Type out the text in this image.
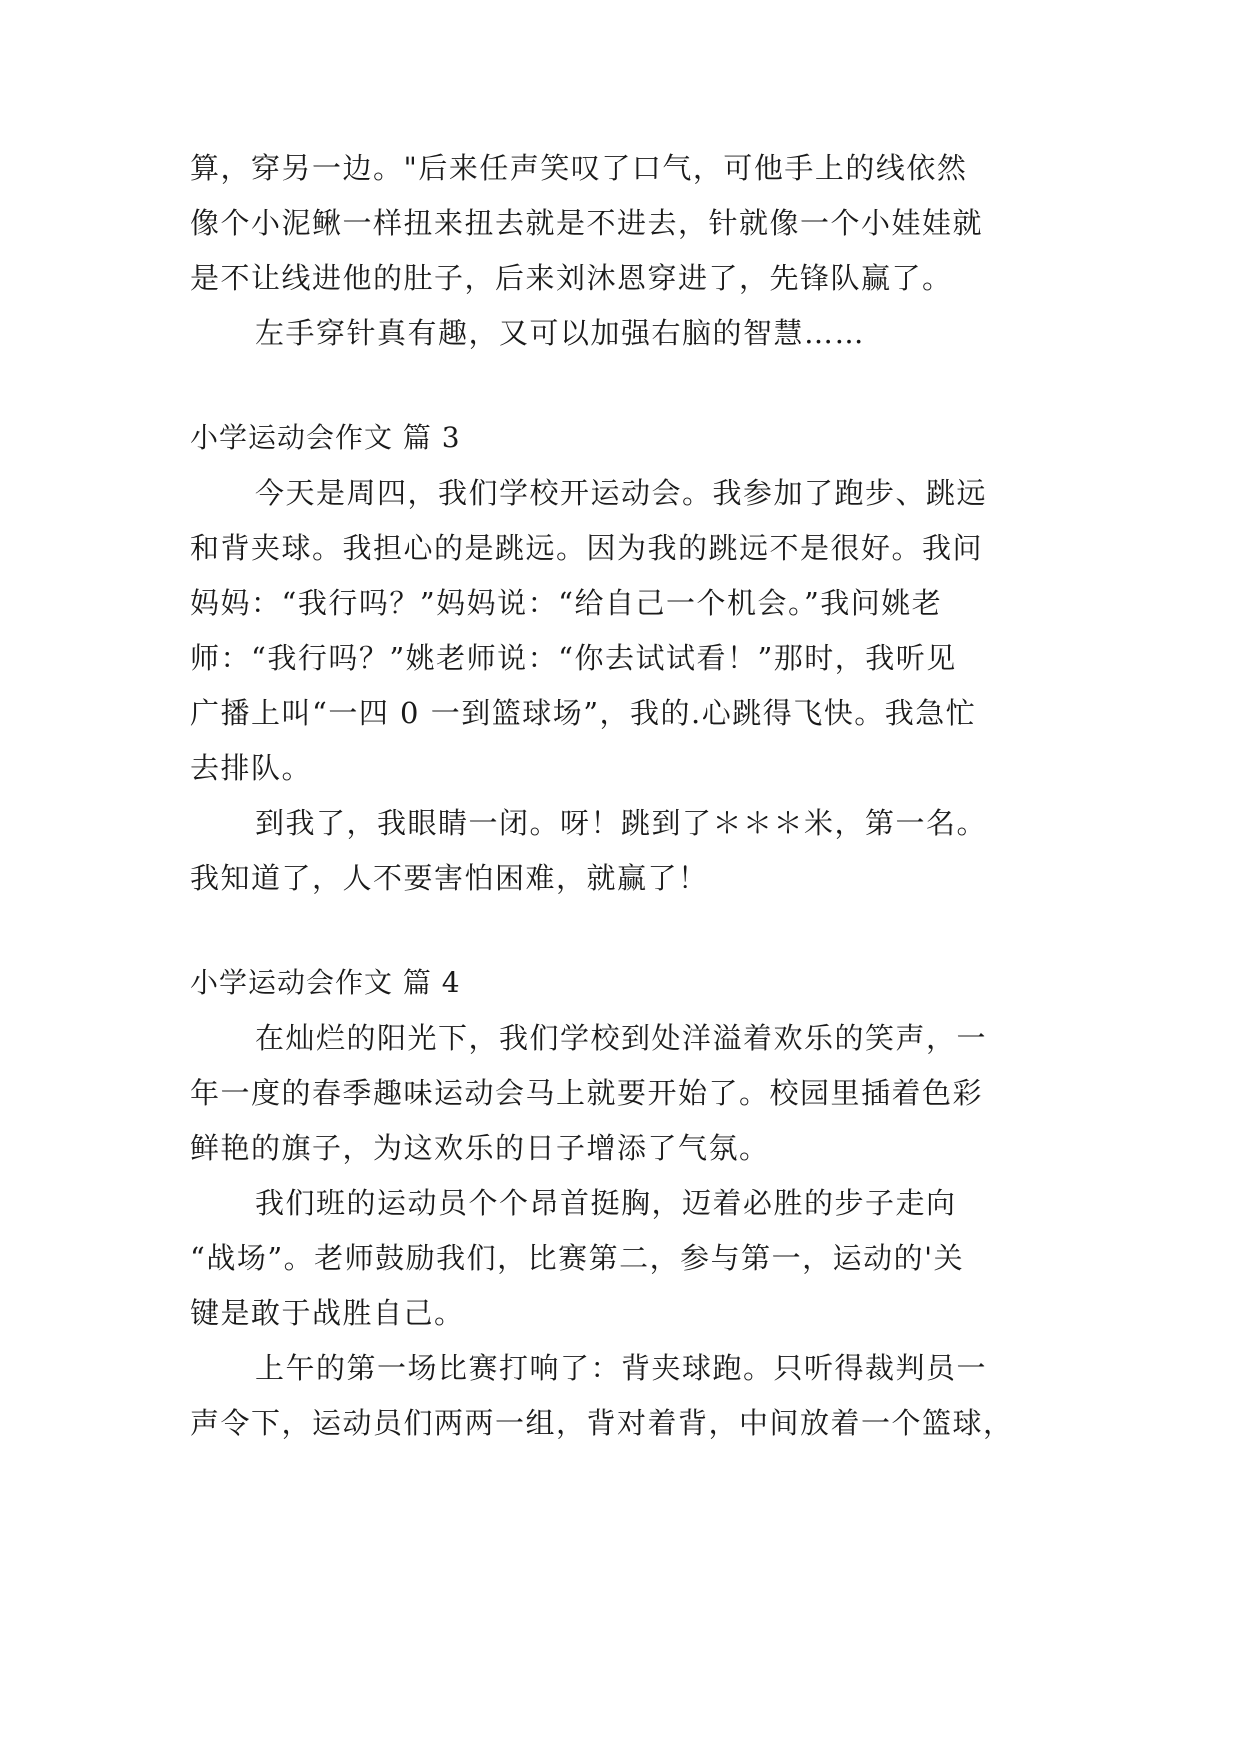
算，穿另一边。"后来任声笑叹了口气，可他手上的线依然
像个小泥鳅一样扭来扭去就是不进去，针就像一个小娃娃就
是不让线进他的肚子，后来刘沐恩穿进了，先锋队赢了。
左手穿针真有趣，又可以加强右脑的智慧……
小学运动会作文 篇 3
今天是周四，我们学校开运动会。我参加了跑步、跳远
和背夹球。我担心的是跳远。因为我的跳远不是很好。我问
妈妈：“我行吗？”妈妈说：“给自己一个机会。”我问姚老
师：“我行吗？”姚老师说：“你去试试看！”那时，我听见
广播上叫“一四 0 一到篮球场”，我的.心跳得飞快。我急忙
去排队。
到我了，我眼睛一闭。呀！跳到了＊＊＊米，第一名。
我知道了，人不要害怕困难，就赢了！
小学运动会作文 篇 4
在灿烂的阳光下，我们学校到处洋溢着欢乐的笑声，一
年一度的春季趣味运动会马上就要开始了。校园里插着色彩
鲜艳的旗子，为这欢乐的日子增添了气氛。
我们班的运动员个个昂首挺胸，迈着必胜的步子走向
“战场”。老师鼓励我们，比赛第二，参与第一，运动的'关
键是敢于战胜自己。
上午的第一场比赛打响了：背夹球跑。只听得裁判员一
声令下，运动员们两两一组，背对着背，中间放着一个篮球，
